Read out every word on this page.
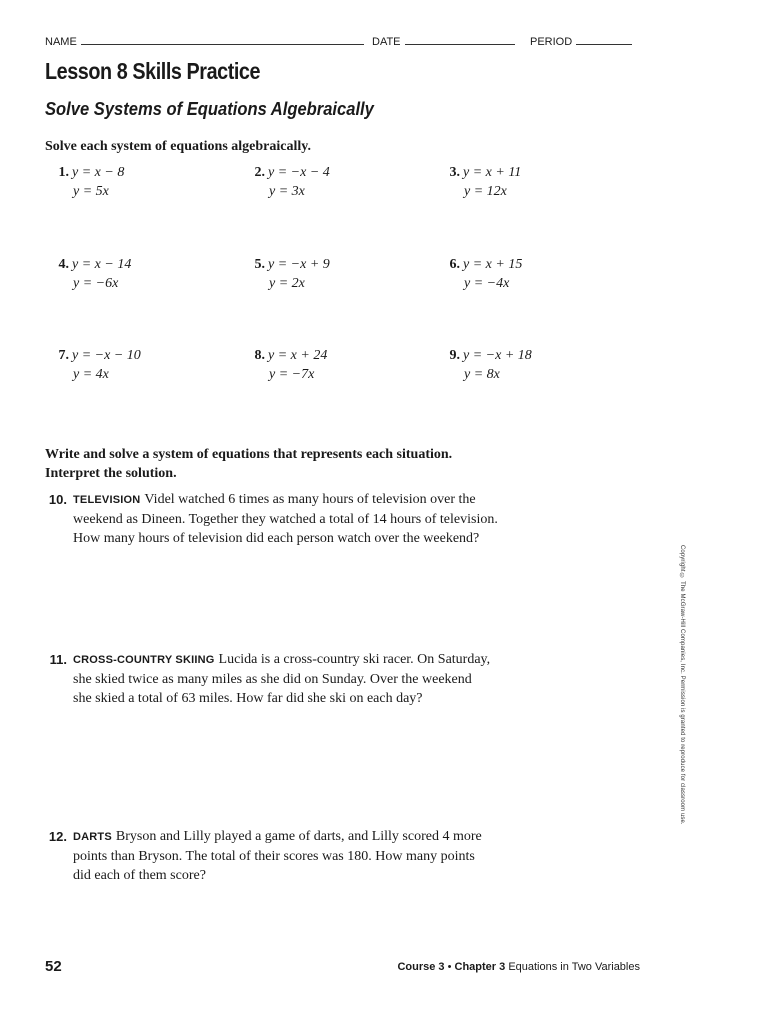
NAME	DATE	PERIOD
Lesson 8 Skills Practice
Solve Systems of Equations Algebraically
Solve each system of equations algebraically.
1. y = x − 8
y = 5x
2. y = −x − 4
y = 3x
3. y = x + 11
y = 12x
4. y = x − 14
y = −6x
5. y = −x + 9
y = 2x
6. y = x + 15
y = −4x
7. y = −x − 10
y = 4x
8. y = x + 24
y = −7x
9. y = −x + 18
y = 8x
Write and solve a system of equations that represents each situation.
Interpret the solution.
10. TELEVISION Videl watched 6 times as many hours of television over the
weekend as Dineen. Together they watched a total of 14 hours of television.
How many hours of television did each person watch over the weekend?
11. CROSS-COUNTRY SKIING Lucida is a cross-country ski racer. On Saturday,
she skied twice as many miles as she did on Sunday. Over the weekend
she skied a total of 63 miles. How far did she ski on each day?
12. DARTS Bryson and Lilly played a game of darts, and Lilly scored 4 more
points than Bryson. The total of their scores was 180. How many points
did each of them score?
Copyright © The McGraw-Hill Companies, Inc. Permission is granted to reproduce for classroom use.
52	Course 3 • Chapter 3 Equations in Two Variables
